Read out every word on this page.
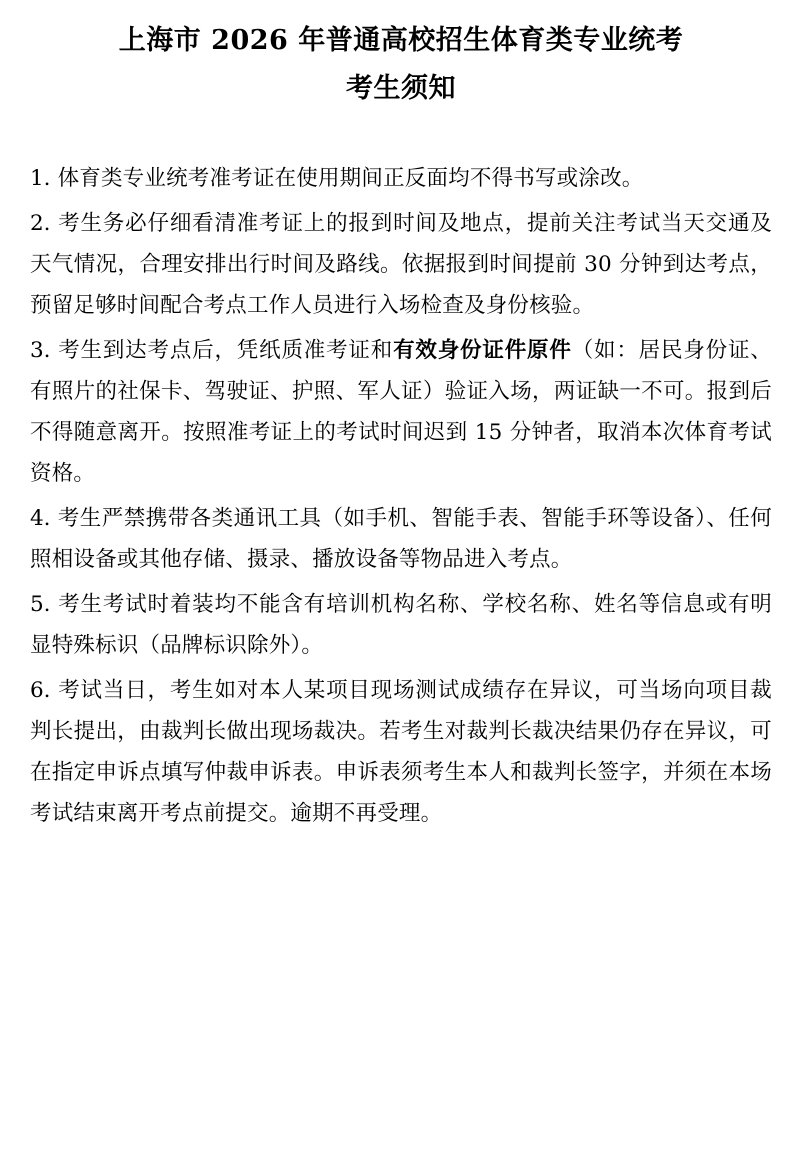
上海市 2026 年普通高校招生体育类专业统考
考生须知

1. 体育类专业统考准考证在使用期间正反面均不得书写或涂改。

2. 考生务必仔细看清准考证上的报到时间及地点，提前关注考试当天交通及天气情况，合理安排出行时间及路线。依据报到时间提前 30 分钟到达考点，预留足够时间配合考点工作人员进行入场检查及身份核验。

3. 考生到达考点后，凭纸质准考证和有效身份证件原件（如：居民身份证、有照片的社保卡、驾驶证、护照、军人证）验证入场，两证缺一不可。报到后不得随意离开。按照准考证上的考试时间迟到 15 分钟者，取消本次体育考试资格。

4. 考生严禁携带各类通讯工具（如手机、智能手表、智能手环等设备）、任何照相设备或其他存储、摄录、播放设备等物品进入考点。

5. 考生考试时着装均不能含有培训机构名称、学校名称、姓名等信息或有明显特殊标识（品牌标识除外）。

6. 考试当日，考生如对本人某项目现场测试成绩存在异议，可当场向项目裁判长提出，由裁判长做出现场裁决。若考生对裁判长裁决结果仍存在异议，可在指定申诉点填写仲裁申诉表。申诉表须考生本人和裁判长签字，并须在本场考试结束离开考点前提交。逾期不再受理。
